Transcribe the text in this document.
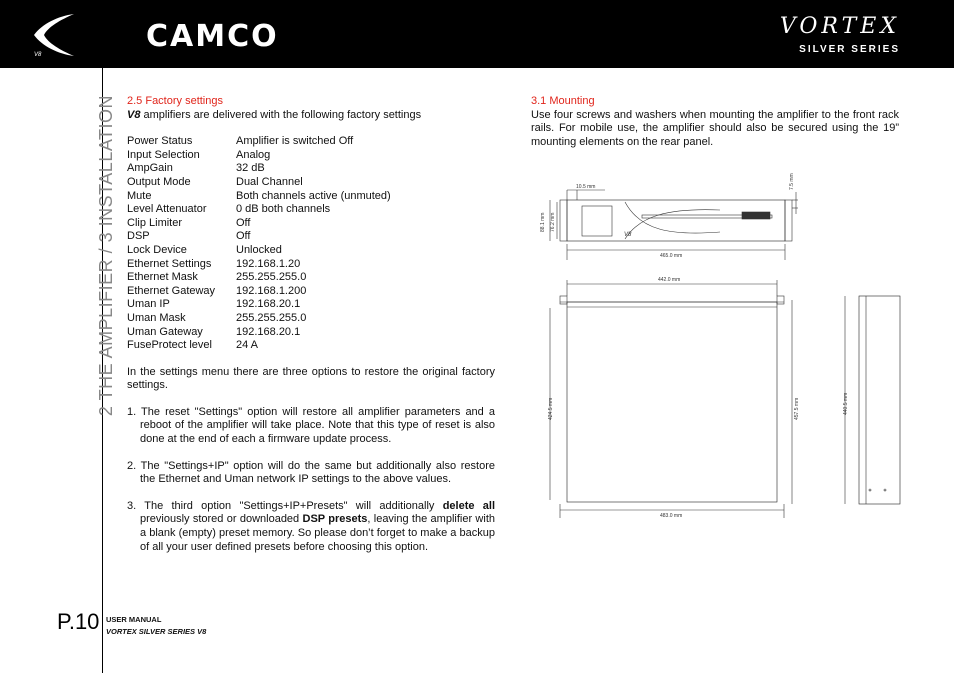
V8
CAMCO	VORTEX
SILVER SERIES
2 THE AMPLIFIER / 3 INSTALLATION
P.10 USER MANUAL
VORTEX SILVER SERIES V8
2.5 Factory settings

V8 amplifiers are delivered with the following factory settings

Power Status	Amplifier is switched Off
Input Selection	Analog
AmpGain	32 dB
Output Mode	Dual Channel
Mute	Both channels active (unmuted)
Level Attenuator	0 dB both channels
Clip Limiter	Off
DSP	Off
Lock Device	Unlocked
Ethernet Settings	192.168.1.20
Ethernet Mask	255.255.255.0
Ethernet Gateway	192.168.1.200
Uman IP	192.168.20.1
Uman Mask	255.255.255.0
Uman Gateway	192.168.20.1
FuseProtect level	24 A

In the settings menu there are three options to restore the original factory settings.

1. The reset "Settings" option will restore all amplifier parameters and a reboot of the amplifier will take place. Note that this type of reset is also done at the end of each a firmware update process.

2. The "Settings+IP" option will do the same but additionally also restore the Ethernet and Uman network IP settings to the above values.

3. The third option "Settings+IP+Presets" will additionally delete all previously stored or downloaded DSP presets, leaving the amplifier with a blank (empty) preset memory. So please don’t forget to make a backup of all your user defined presets before choosing this option.

3.1 Mounting

Use four screws and washers when mounting the amplifier to the front rack rails. For mobile use, the amplifier should also be secured using the 19” mounting elements on the rear panel.

V8
10.5 mm	7.5 mm
88.1 mm 76.2 mm
465.0 mm
442.0 mm
424.5 mm	457.5 mm
483.0 mm
440.5 mm
